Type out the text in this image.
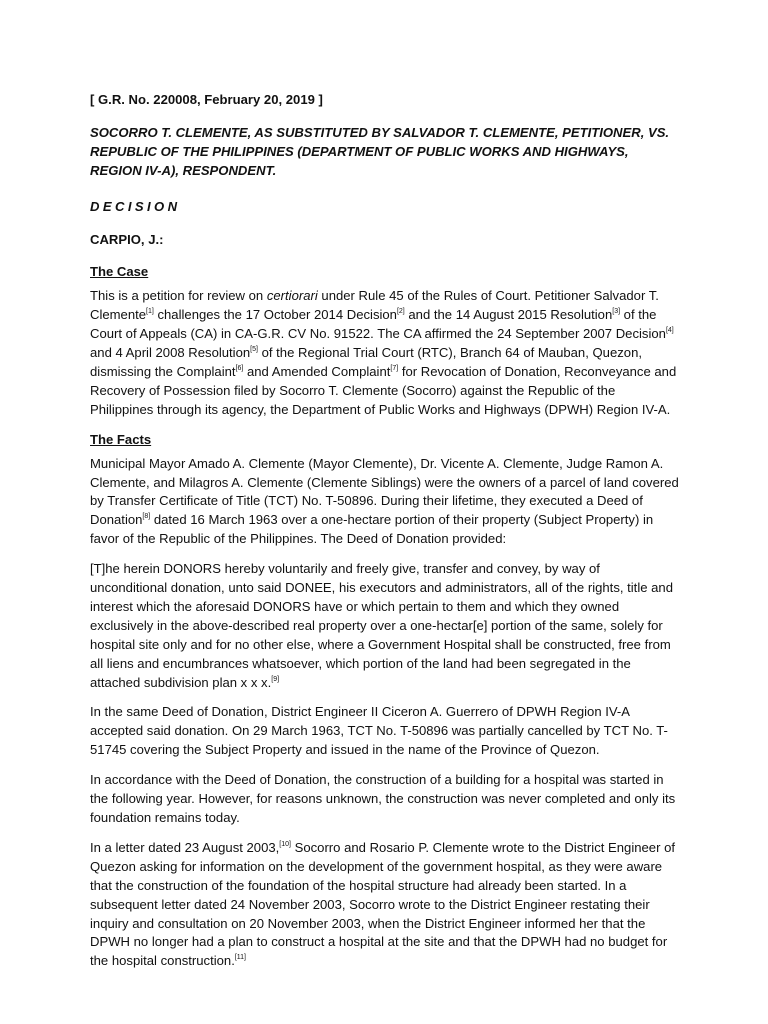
[ G.R. No. 220008, February 20, 2019 ]

SOCORRO T. CLEMENTE, AS SUBSTITUTED BY SALVADOR T. CLEMENTE, PETITIONER, VS. REPUBLIC OF THE PHILIPPINES (DEPARTMENT OF PUBLIC WORKS AND HIGHWAYS, REGION IV-A), RESPONDENT.

DECISION

CARPIO, J.:

The Case

This is a petition for review on certiorari under Rule 45 of the Rules of Court. Petitioner Salvador T. Clemente[1] challenges the 17 October 2014 Decision[2] and the 14 August 2015 Resolution[3] of the Court of Appeals (CA) in CA-G.R. CV No. 91522. The CA affirmed the 24 September 2007 Decision[4] and 4 April 2008 Resolution[5] of the Regional Trial Court (RTC), Branch 64 of Mauban, Quezon, dismissing the Complaint[6] and Amended Complaint[7] for Revocation of Donation, Reconveyance and Recovery of Possession filed by Socorro T. Clemente (Socorro) against the Republic of the Philippines through its agency, the Department of Public Works and Highways (DPWH) Region IV-A.

The Facts

Municipal Mayor Amado A. Clemente (Mayor Clemente), Dr. Vicente A. Clemente, Judge Ramon A. Clemente, and Milagros A. Clemente (Clemente Siblings) were the owners of a parcel of land covered by Transfer Certificate of Title (TCT) No. T-50896. During their lifetime, they executed a Deed of Donation[8] dated 16 March 1963 over a one-hectare portion of their property (Subject Property) in favor of the Republic of the Philippines. The Deed of Donation provided:

[T]he herein DONORS hereby voluntarily and freely give, transfer and convey, by way of unconditional donation, unto said DONEE, his executors and administrators, all of the rights, title and interest which the aforesaid DONORS have or which pertain to them and which they owned exclusively in the above-described real property over a one-hectar[e] portion of the same, solely for hospital site only and for no other else, where a Government Hospital shall be constructed, free from all liens and encumbrances whatsoever, which portion of the land had been segregated in the attached subdivision plan x x x.[9]

In the same Deed of Donation, District Engineer II Ciceron A. Guerrero of DPWH Region IV-A accepted said donation. On 29 March 1963, TCT No. T-50896 was partially cancelled by TCT No. T-51745 covering the Subject Property and issued in the name of the Province of Quezon.

In accordance with the Deed of Donation, the construction of a building for a hospital was started in the following year. However, for reasons unknown, the construction was never completed and only its foundation remains today.

In a letter dated 23 August 2003,[10] Socorro and Rosario P. Clemente wrote to the District Engineer of Quezon asking for information on the development of the government hospital, as they were aware that the construction of the foundation of the hospital structure had already been started. In a subsequent letter dated 24 November 2003, Socorro wrote to the District Engineer restating their inquiry and consultation on 20 November 2003, when the District Engineer informed her that the DPWH no longer had a plan to construct a hospital at the site and that the DPWH had no budget for the hospital construction.[11]
